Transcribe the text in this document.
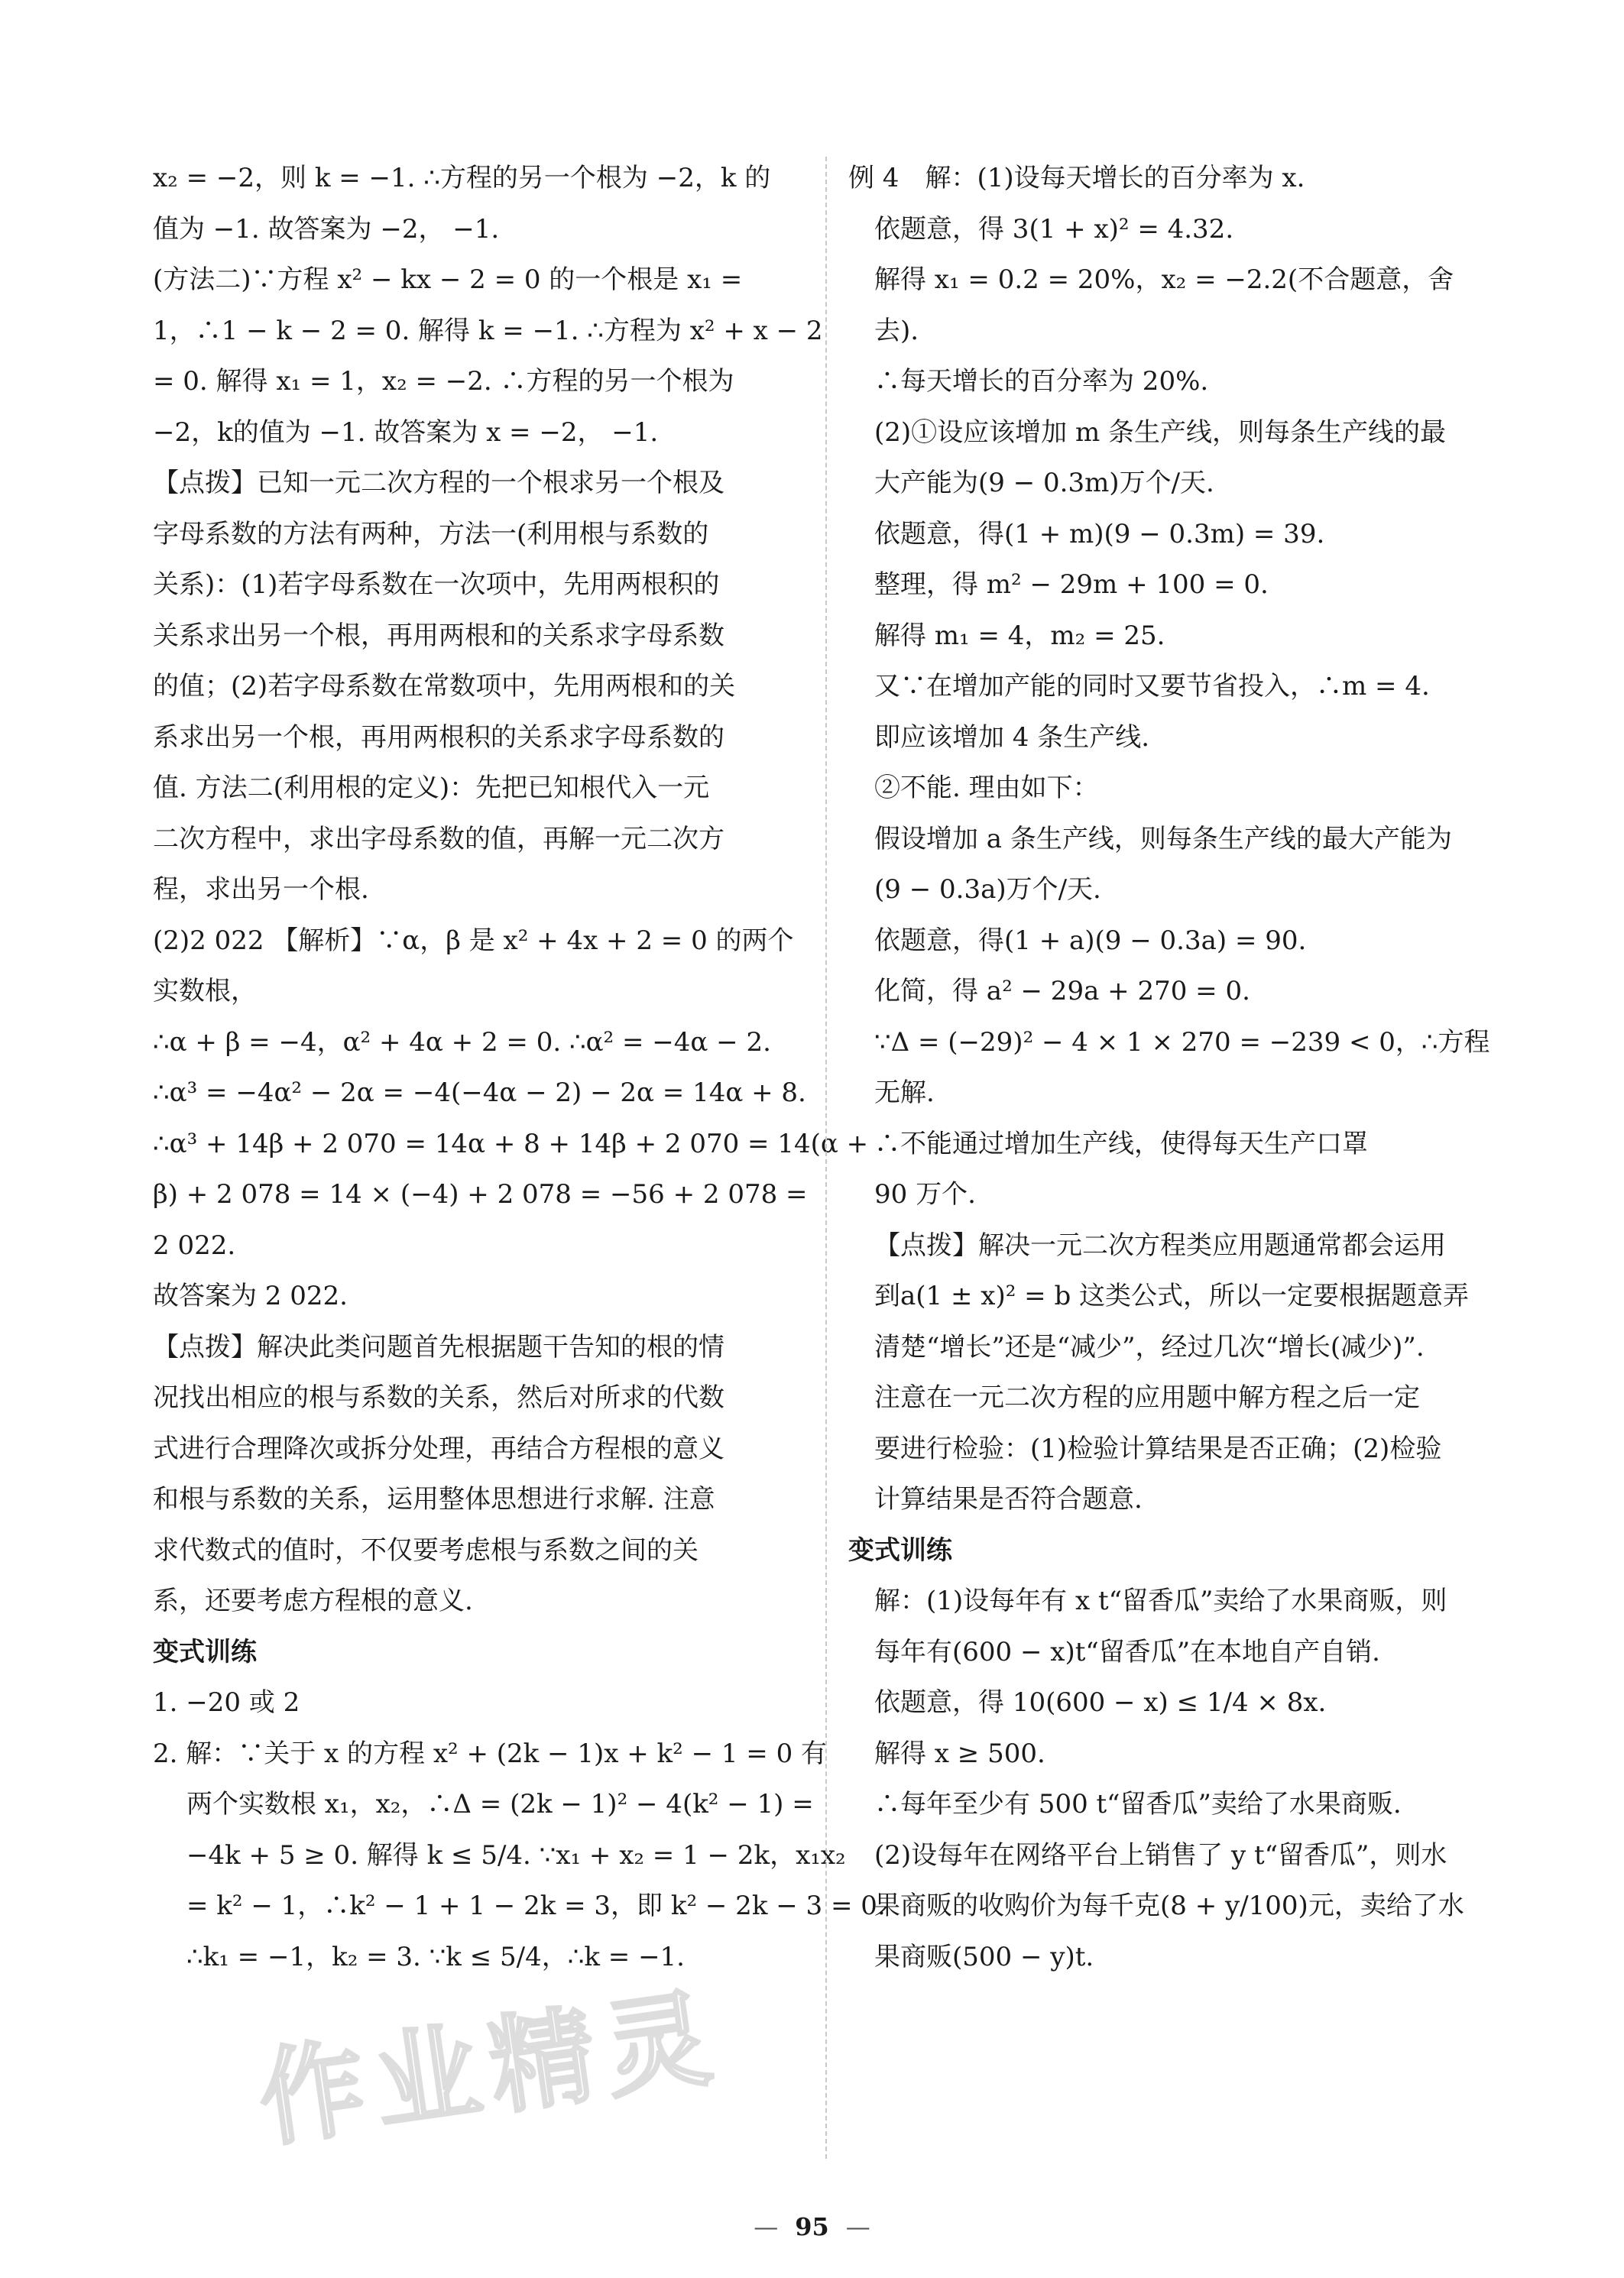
x₂ = −2，则 k = −1. ∴方程的另一个根为 −2，k 的
值为 −1. 故答案为 −2， −1.
(方法二)∵方程 x² − kx − 2 = 0 的一个根是 x₁ =
1，∴1 − k − 2 = 0. 解得 k = −1. ∴方程为 x² + x − 2
= 0. 解得 x₁ = 1，x₂ = −2. ∴方程的另一个根为
−2，k的值为 −1. 故答案为 x = −2， −1.
【点拨】已知一元二次方程的一个根求另一个根及
字母系数的方法有两种，方法一(利用根与系数的
关系)：(1)若字母系数在一次项中，先用两根积的
关系求出另一个根，再用两根和的关系求字母系数
的值；(2)若字母系数在常数项中，先用两根和的关
系求出另一个根，再用两根积的关系求字母系数的
值. 方法二(利用根的定义)：先把已知根代入一元
二次方程中，求出字母系数的值，再解一元二次方
程，求出另一个根.
(2)2 022 【解析】∵α，β 是 x² + 4x + 2 = 0 的两个
实数根，
∴α + β = −4，α² + 4α + 2 = 0. ∴α² = −4α − 2.
∴α³ = −4α² − 2α = −4(−4α − 2) − 2α = 14α + 8.
∴α³ + 14β + 2 070 = 14α + 8 + 14β + 2 070 = 14(α +
β) + 2 078 = 14 × (−4) + 2 078 = −56 + 2 078 =
2 022.
故答案为 2 022.
【点拨】解决此类问题首先根据题干告知的根的情
况找出相应的根与系数的关系，然后对所求的代数
式进行合理降次或拆分处理，再结合方程根的意义
和根与系数的关系，运用整体思想进行求解. 注意
求代数式的值时，不仅要考虑根与系数之间的关
系，还要考虑方程根的意义.
变式训练
1. −20 或 2
2. 解：∵关于 x 的方程 x² + (2k − 1)x + k² − 1 = 0 有
两个实数根 x₁，x₂，∴Δ = (2k − 1)² − 4(k² − 1) =
−4k + 5 ≥ 0. 解得 k ≤ 5/4. ∵x₁ + x₂ = 1 − 2k，x₁x₂
= k² − 1，∴k² − 1 + 1 − 2k = 3，即 k² − 2k − 3 = 0.
∴k₁ = −1，k₂ = 3. ∵k ≤ 5/4，∴k = −1.
例 4　解：(1)设每天增长的百分率为 x.
依题意，得 3(1 + x)² = 4.32.
解得 x₁ = 0.2 = 20%，x₂ = −2.2(不合题意，舍
去).
∴每天增长的百分率为 20%.
(2)①设应该增加 m 条生产线，则每条生产线的最
大产能为(9 − 0.3m)万个/天.
依题意，得(1 + m)(9 − 0.3m) = 39.
整理，得 m² − 29m + 100 = 0.
解得 m₁ = 4，m₂ = 25.
又∵在增加产能的同时又要节省投入，∴m = 4.
即应该增加 4 条生产线.
②不能. 理由如下：
假设增加 a 条生产线，则每条生产线的最大产能为
(9 − 0.3a)万个/天.
依题意，得(1 + a)(9 − 0.3a) = 90.
化简，得 a² − 29a + 270 = 0.
∵Δ = (−29)² − 4 × 1 × 270 = −239 < 0，∴方程
无解.
∴不能通过增加生产线，使得每天生产口罩
90 万个.
【点拨】解决一元二次方程类应用题通常都会运用
到a(1 ± x)² = b 这类公式，所以一定要根据题意弄
清楚“增长”还是“减少”，经过几次“增长(减少)”.
注意在一元二次方程的应用题中解方程之后一定
要进行检验：(1)检验计算结果是否正确；(2)检验
计算结果是否符合题意.
变式训练
解：(1)设每年有 x t“留香瓜”卖给了水果商贩，则
每年有(600 − x)t“留香瓜”在本地自产自销.
依题意，得 10(600 − x) ≤ 1/4 × 8x.
解得 x ≥ 500.
∴每年至少有 500 t“留香瓜”卖给了水果商贩.
(2)设每年在网络平台上销售了 y t“留香瓜”，则水
果商贩的收购价为每千克(8 + y/100)元，卖给了水
果商贩(500 − y)t.
— 95 —
作业精灵
